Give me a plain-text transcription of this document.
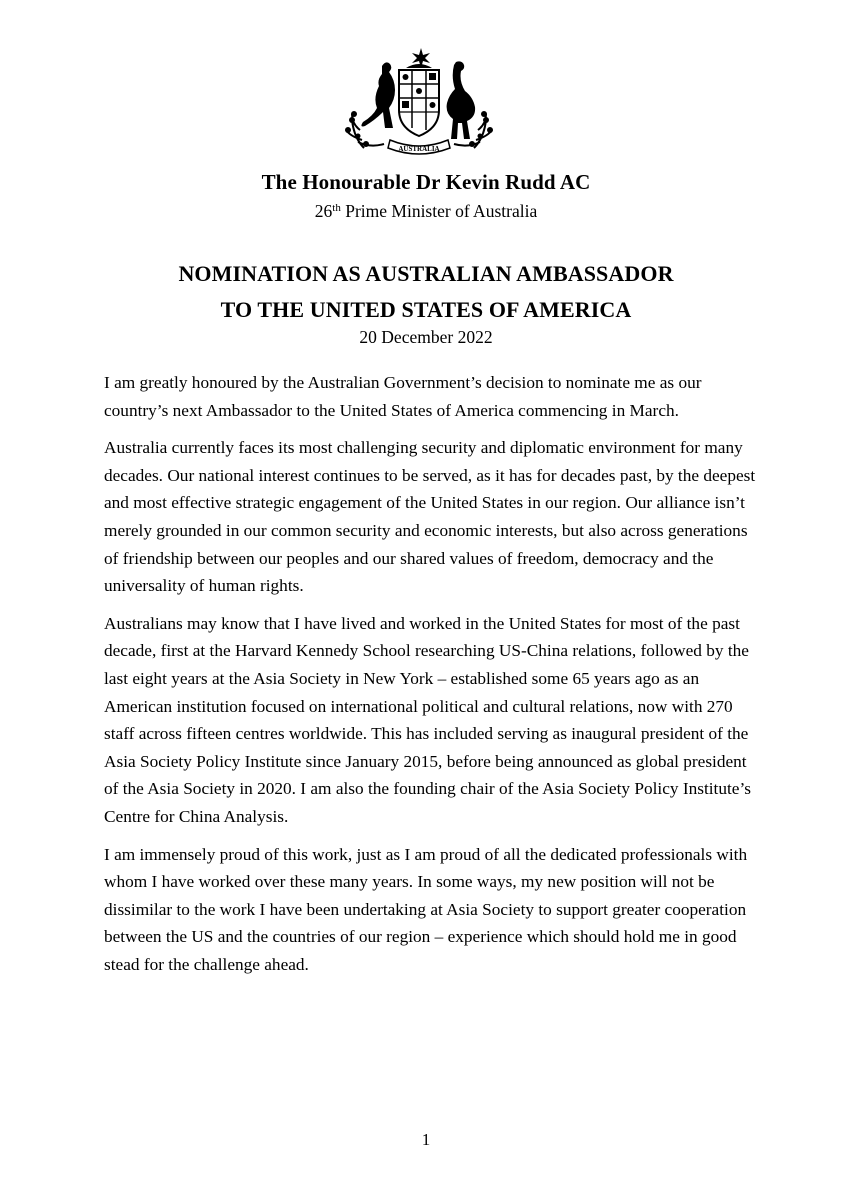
AUSTRALIA
The Honourable Dr Kevin Rudd AC
26th Prime Minister of Australia
NOMINATION AS AUSTRALIAN AMBASSADOR
TO THE UNITED STATES OF AMERICA
20 December 2022

I am greatly honoured by the Australian Government’s decision to nominate me as our country’s next Ambassador to the United States of America commencing in March.

Australia currently faces its most challenging security and diplomatic environment for many decades. Our national interest continues to be served, as it has for decades past, by the deepest and most effective strategic engagement of the United States in our region. Our alliance isn’t merely grounded in our common security and economic interests, but also across generations of friendship between our peoples and our shared values of freedom, democracy and the universality of human rights.

Australians may know that I have lived and worked in the United States for most of the past decade, first at the Harvard Kennedy School researching US-China relations, followed by the last eight years at the Asia Society in New York – established some 65 years ago as an American institution focused on international political and cultural relations, now with 270 staff across fifteen centres worldwide. This has included serving as inaugural president of the Asia Society Policy Institute since January 2015, before being announced as global president of the Asia Society in 2020. I am also the founding chair of the Asia Society Policy Institute’s Centre for China Analysis.

I am immensely proud of this work, just as I am proud of all the dedicated professionals with whom I have worked over these many years. In some ways, my new position will not be dissimilar to the work I have been undertaking at Asia Society to support greater cooperation between the US and the countries of our region – experience which should hold me in good stead for the challenge ahead.

1
